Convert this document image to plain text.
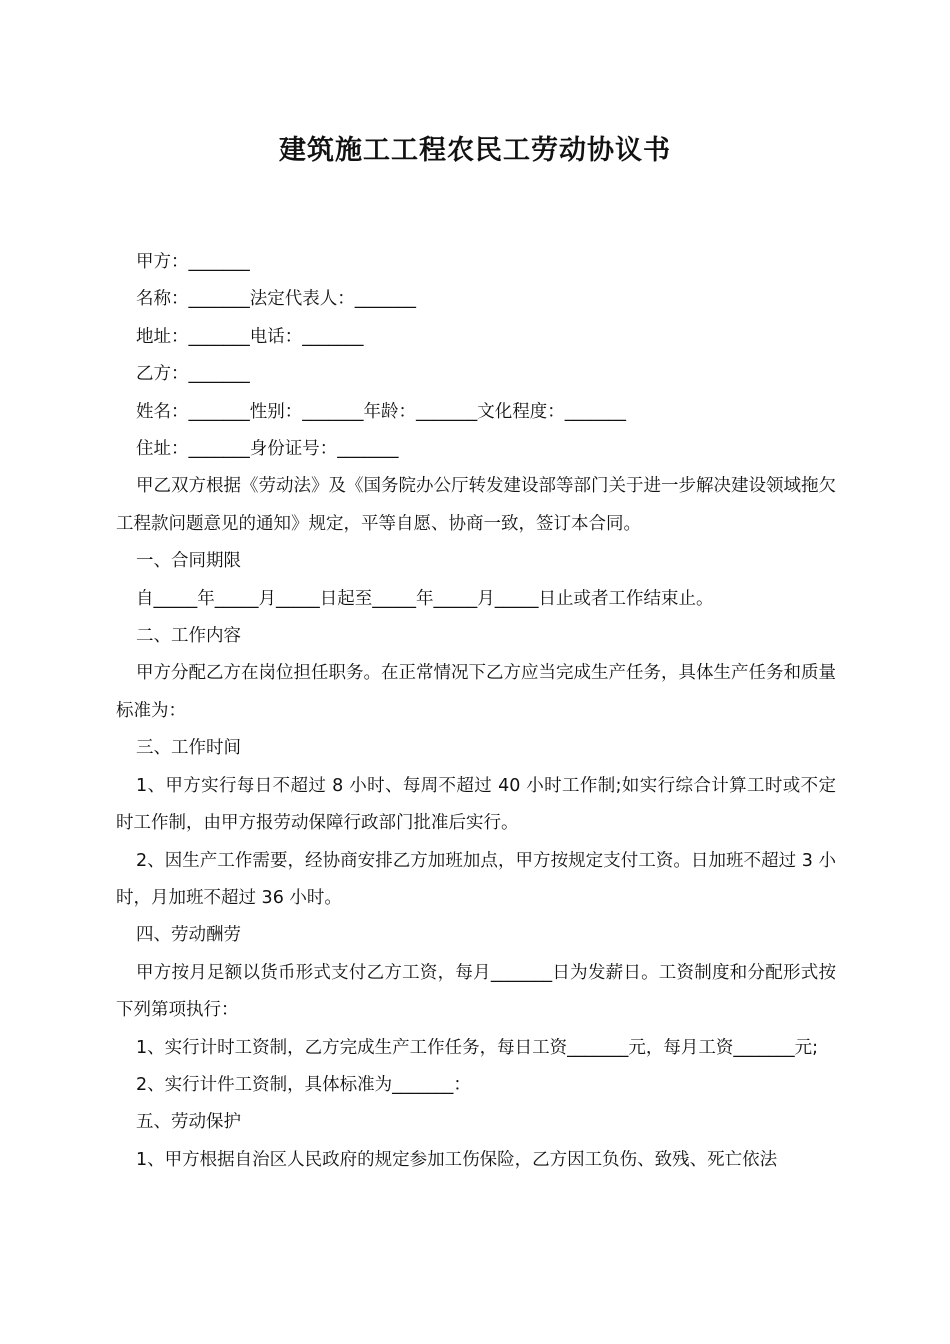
建筑施工工程农民工劳动协议书

甲方：_______

名称：_______法定代表人：_______

地址：_______电话：_______

乙方：_______

姓名：_______性别：_______年龄：_______文化程度：_______

住址：_______身份证号：_______

甲乙双方根据《劳动法》及《国务院办公厅转发建设部等部门关于进一步解决建设领域拖欠工程款问题意见的通知》规定，平等自愿、协商一致，签订本合同。

一、合同期限

自_____年_____月_____日起至_____年_____月_____日止或者工作结束止。

二、工作内容

甲方分配乙方在岗位担任职务。在正常情况下乙方应当完成生产任务，具体生产任务和质量标准为：

三、工作时间

1、甲方实行每日不超过 8 小时、每周不超过 40 小时工作制;如实行综合计算工时或不定时工作制，由甲方报劳动保障行政部门批准后实行。

2、因生产工作需要，经协商安排乙方加班加点，甲方按规定支付工资。日加班不超过 3 小时，月加班不超过 36 小时。

四、劳动酬劳

甲方按月足额以货币形式支付乙方工资，每月_______日为发薪日。工资制度和分配形式按下列第项执行：

1、实行计时工资制，乙方完成生产工作任务，每日工资_______元，每月工资_______元;

2、实行计件工资制，具体标准为_______：

五、劳动保护

1、甲方根据自治区人民政府的规定参加工伤保险，乙方因工负伤、致残、死亡依法
